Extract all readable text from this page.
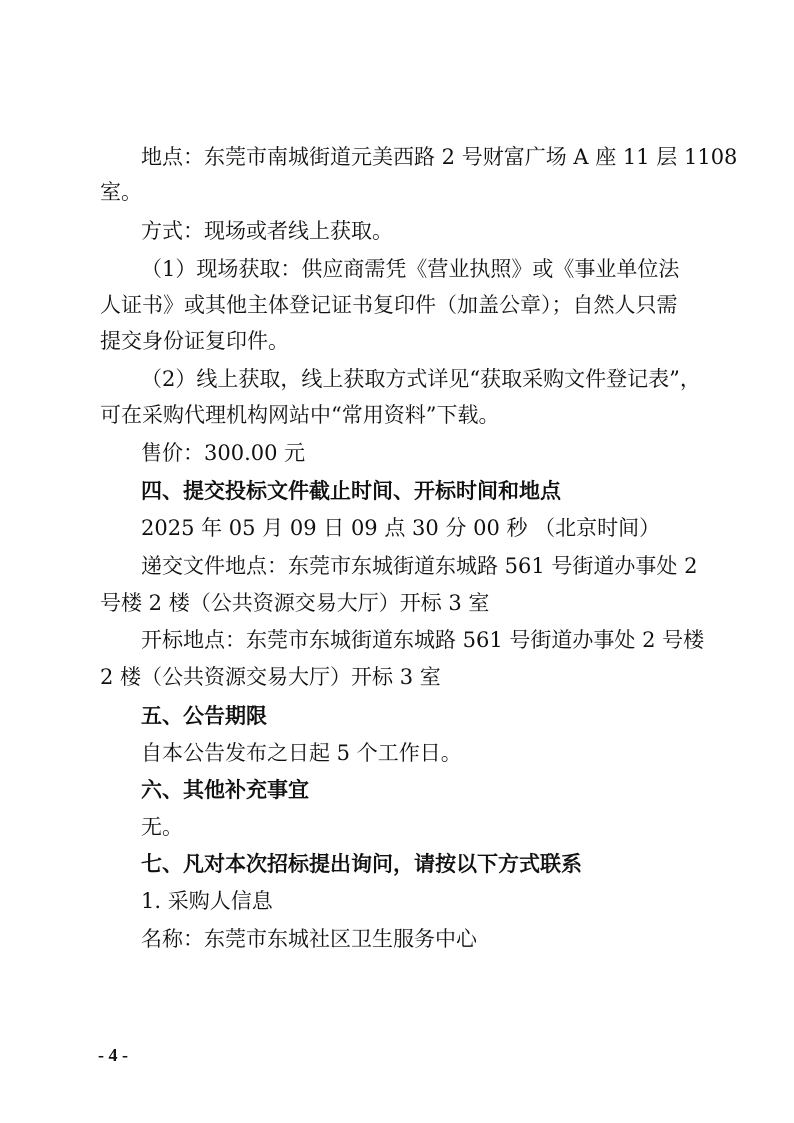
地点：东莞市南城街道元美西路 2 号财富广场 A 座 11 层 1108
室。
方式：现场或者线上获取。
（1）现场获取：供应商需凭《营业执照》或《事业单位法
人证书》或其他主体登记证书复印件（加盖公章）；自然人只需
提交身份证复印件。
（2）线上获取，线上获取方式详见“获取采购文件登记表”，
可在采购代理机构网站中“常用资料”下载。
售价：300.00 元
四、提交投标文件截止时间、开标时间和地点
2025 年 05 月 09 日 09 点 30 分 00 秒 （北京时间）
递交文件地点：东莞市东城街道东城路 561 号街道办事处 2
号楼 2 楼（公共资源交易大厅）开标 3 室
开标地点：东莞市东城街道东城路 561 号街道办事处 2 号楼
2 楼（公共资源交易大厅）开标 3 室
五、公告期限
自本公告发布之日起 5 个工作日。
六、其他补充事宜
无。
七、凡对本次招标提出询问，请按以下方式联系
1. 采购人信息
名称：东莞市东城社区卫生服务中心
- 4 -
